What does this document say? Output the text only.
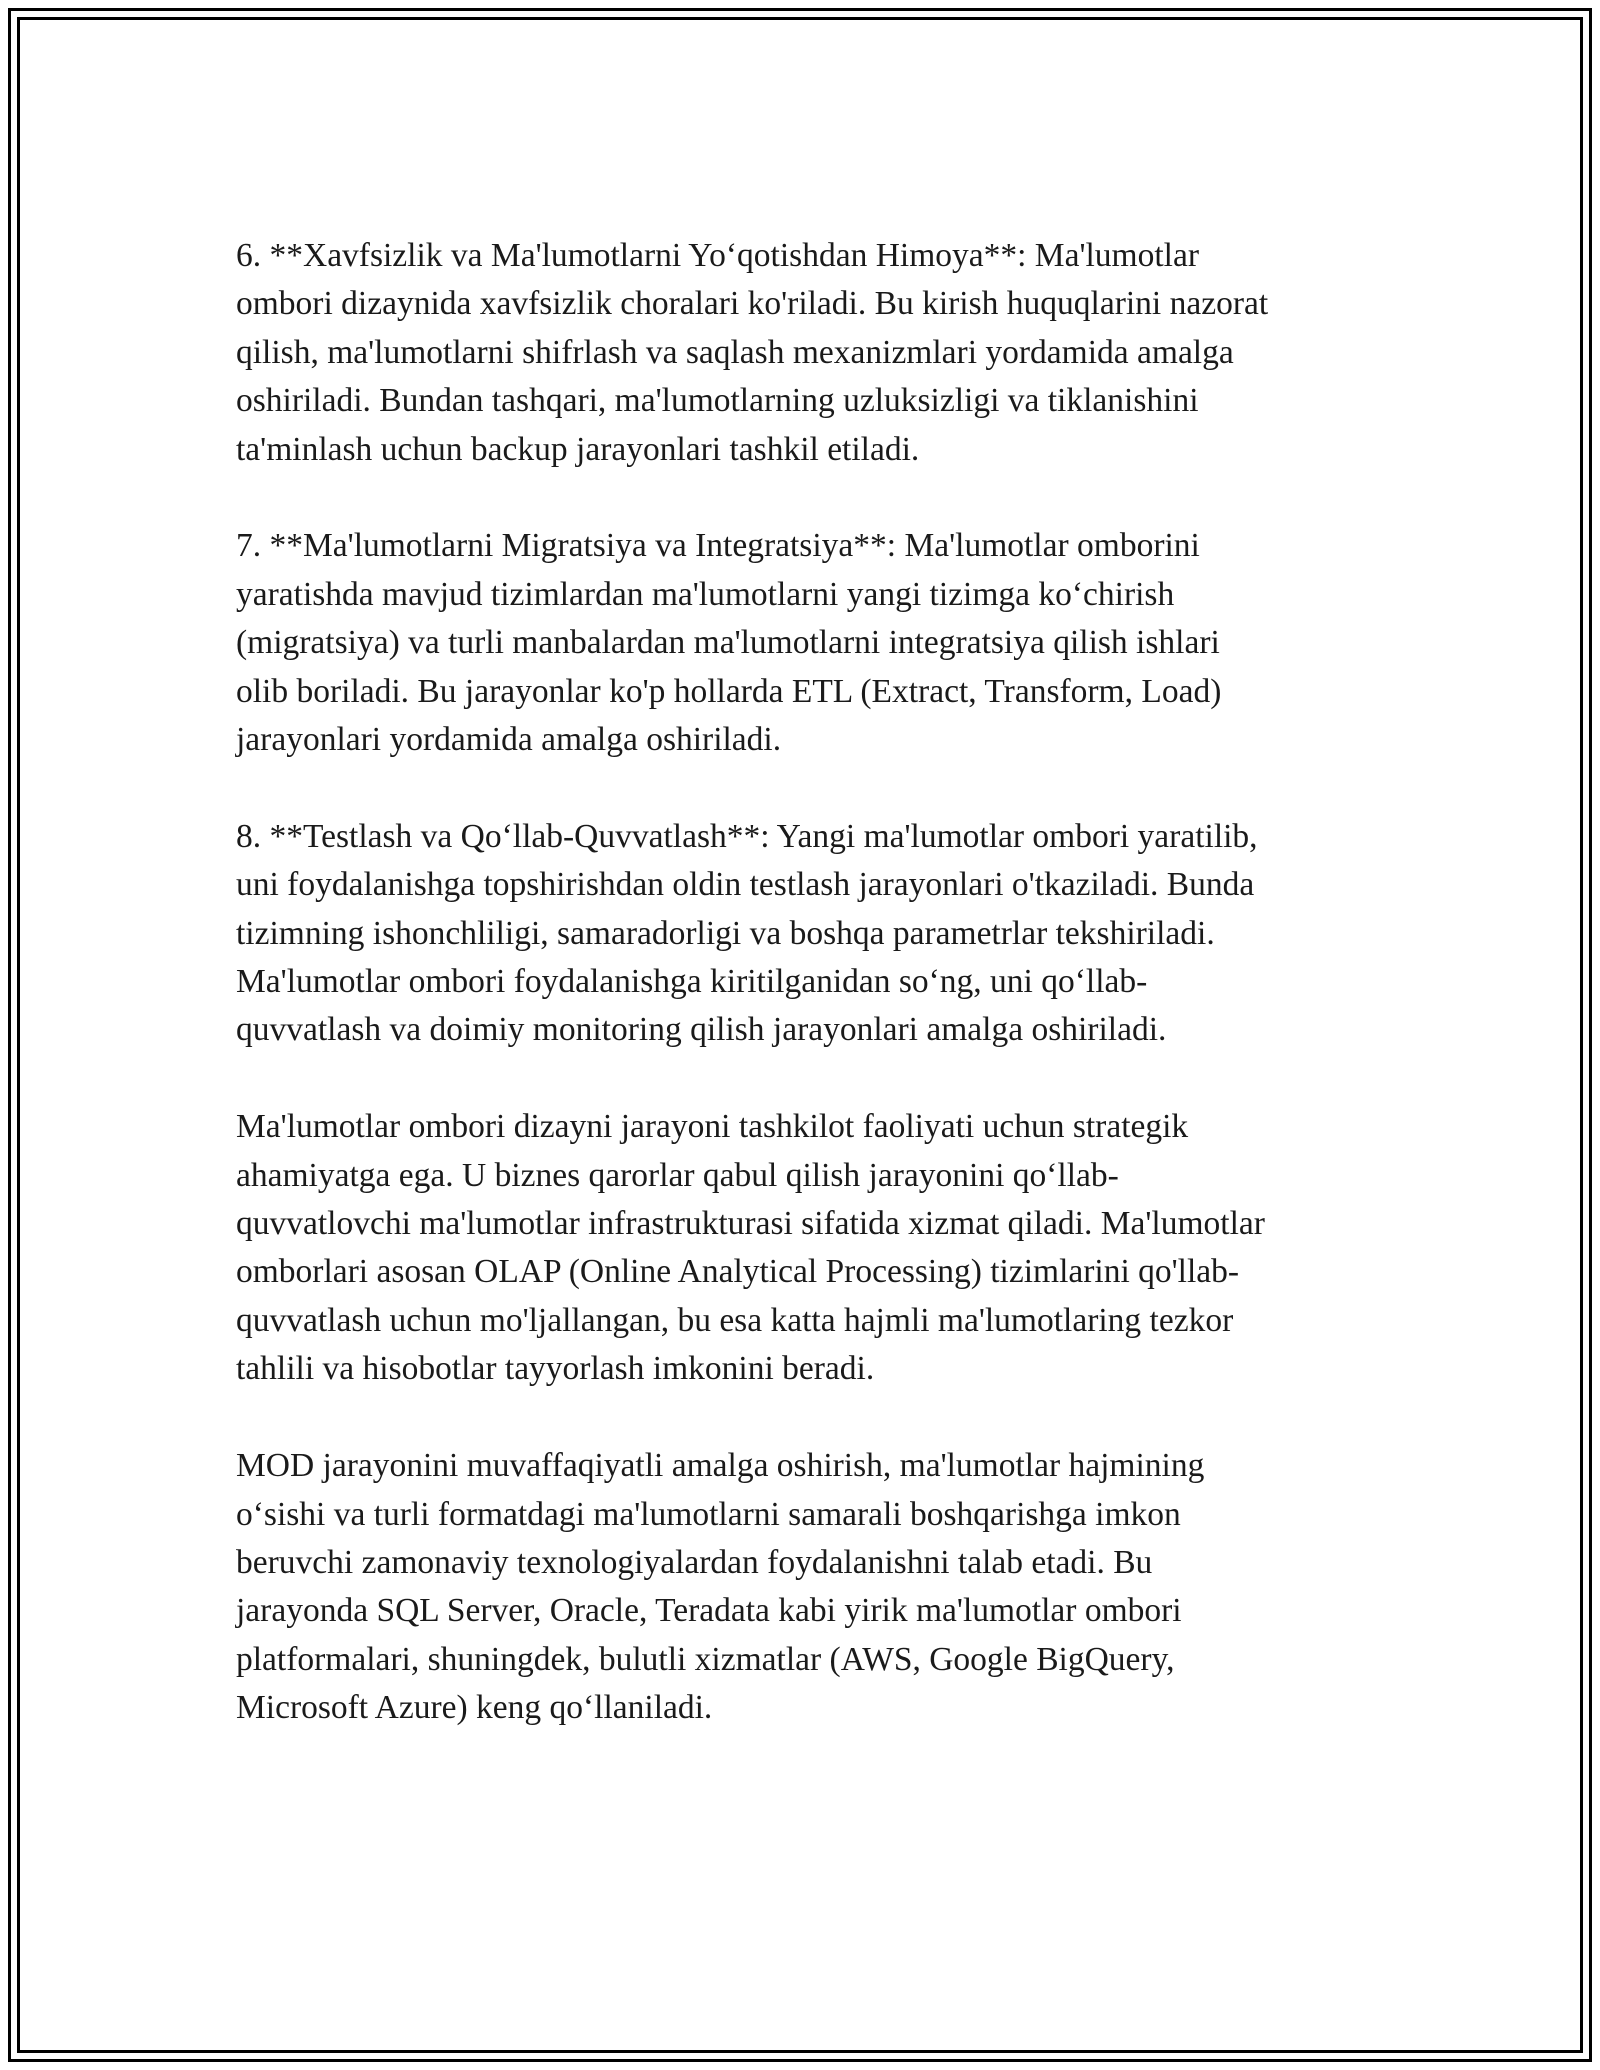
6. **Xavfsizlik va Ma'lumotlarni Yo‘qotishdan Himoya**: Ma'lumotlar
ombori dizaynida xavfsizlik choralari ko'riladi. Bu kirish huquqlarini nazorat
qilish, ma'lumotlarni shifrlash va saqlash mexanizmlari yordamida amalga
oshiriladi. Bundan tashqari, ma'lumotlarning uzluksizligi va tiklanishini
ta'minlash uchun backup jarayonlari tashkil etiladi.

7. **Ma'lumotlarni Migratsiya va Integratsiya**: Ma'lumotlar omborini
yaratishda mavjud tizimlardan ma'lumotlarni yangi tizimga ko‘chirish
(migratsiya) va turli manbalardan ma'lumotlarni integratsiya qilish ishlari
olib boriladi. Bu jarayonlar ko'p hollarda ETL (Extract, Transform, Load)
jarayonlari yordamida amalga oshiriladi.

8. **Testlash va Qo‘llab-Quvvatlash**: Yangi ma'lumotlar ombori yaratilib,
uni foydalanishga topshirishdan oldin testlash jarayonlari o'tkaziladi. Bunda
tizimning ishonchliligi, samaradorligi va boshqa parametrlar tekshiriladi.
Ma'lumotlar ombori foydalanishga kiritilganidan so‘ng, uni qo‘llab-
quvvatlash va doimiy monitoring qilish jarayonlari amalga oshiriladi.

Ma'lumotlar ombori dizayni jarayoni tashkilot faoliyati uchun strategik
ahamiyatga ega. U biznes qarorlar qabul qilish jarayonini qo‘llab-
quvvatlovchi ma'lumotlar infrastrukturasi sifatida xizmat qiladi. Ma'lumotlar
omborlari asosan OLAP (Online Analytical Processing) tizimlarini qo'llab-
quvvatlash uchun mo'ljallangan, bu esa katta hajmli ma'lumotlaring tezkor
tahlili va hisobotlar tayyorlash imkonini beradi.

MOD jarayonini muvaffaqiyatli amalga oshirish, ma'lumotlar hajmining
o‘sishi va turli formatdagi ma'lumotlarni samarali boshqarishga imkon
beruvchi zamonaviy texnologiyalardan foydalanishni talab etadi. Bu
jarayonda SQL Server, Oracle, Teradata kabi yirik ma'lumotlar ombori
platformalari, shuningdek, bulutli xizmatlar (AWS, Google BigQuery,
Microsoft Azure) keng qo‘llaniladi.
